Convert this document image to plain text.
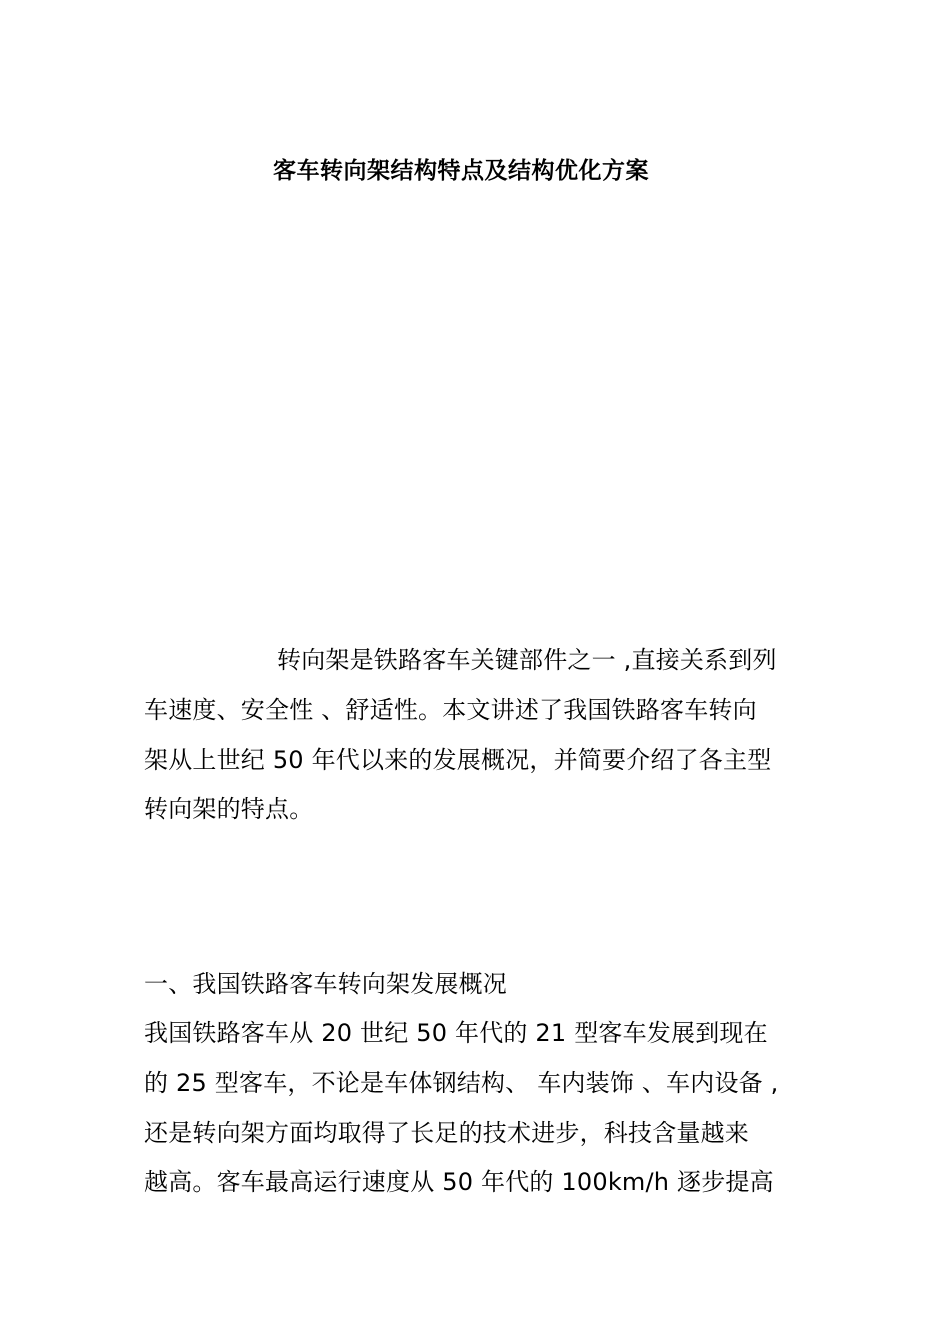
客车转向架结构特点及结构优化方案
转向架是铁路客车关键部件之一 ,直接关系到列
车速度、安全性 、舒适性。本文讲述了我国铁路客车转向
架从上世纪 50 年代以来的发展概况，并简要介绍了各主型
转向架的特点。
一、我国铁路客车转向架发展概况
我国铁路客车从 20 世纪 50 年代的 21 型客车发展到现在
的 25 型客车，不论是车体钢结构、 车内装饰 、车内设备 ,
还是转向架方面均取得了长足的技术进步，科技含量越来
越高。客车最高运行速度从 50 年代的 100km/h 逐步提高
